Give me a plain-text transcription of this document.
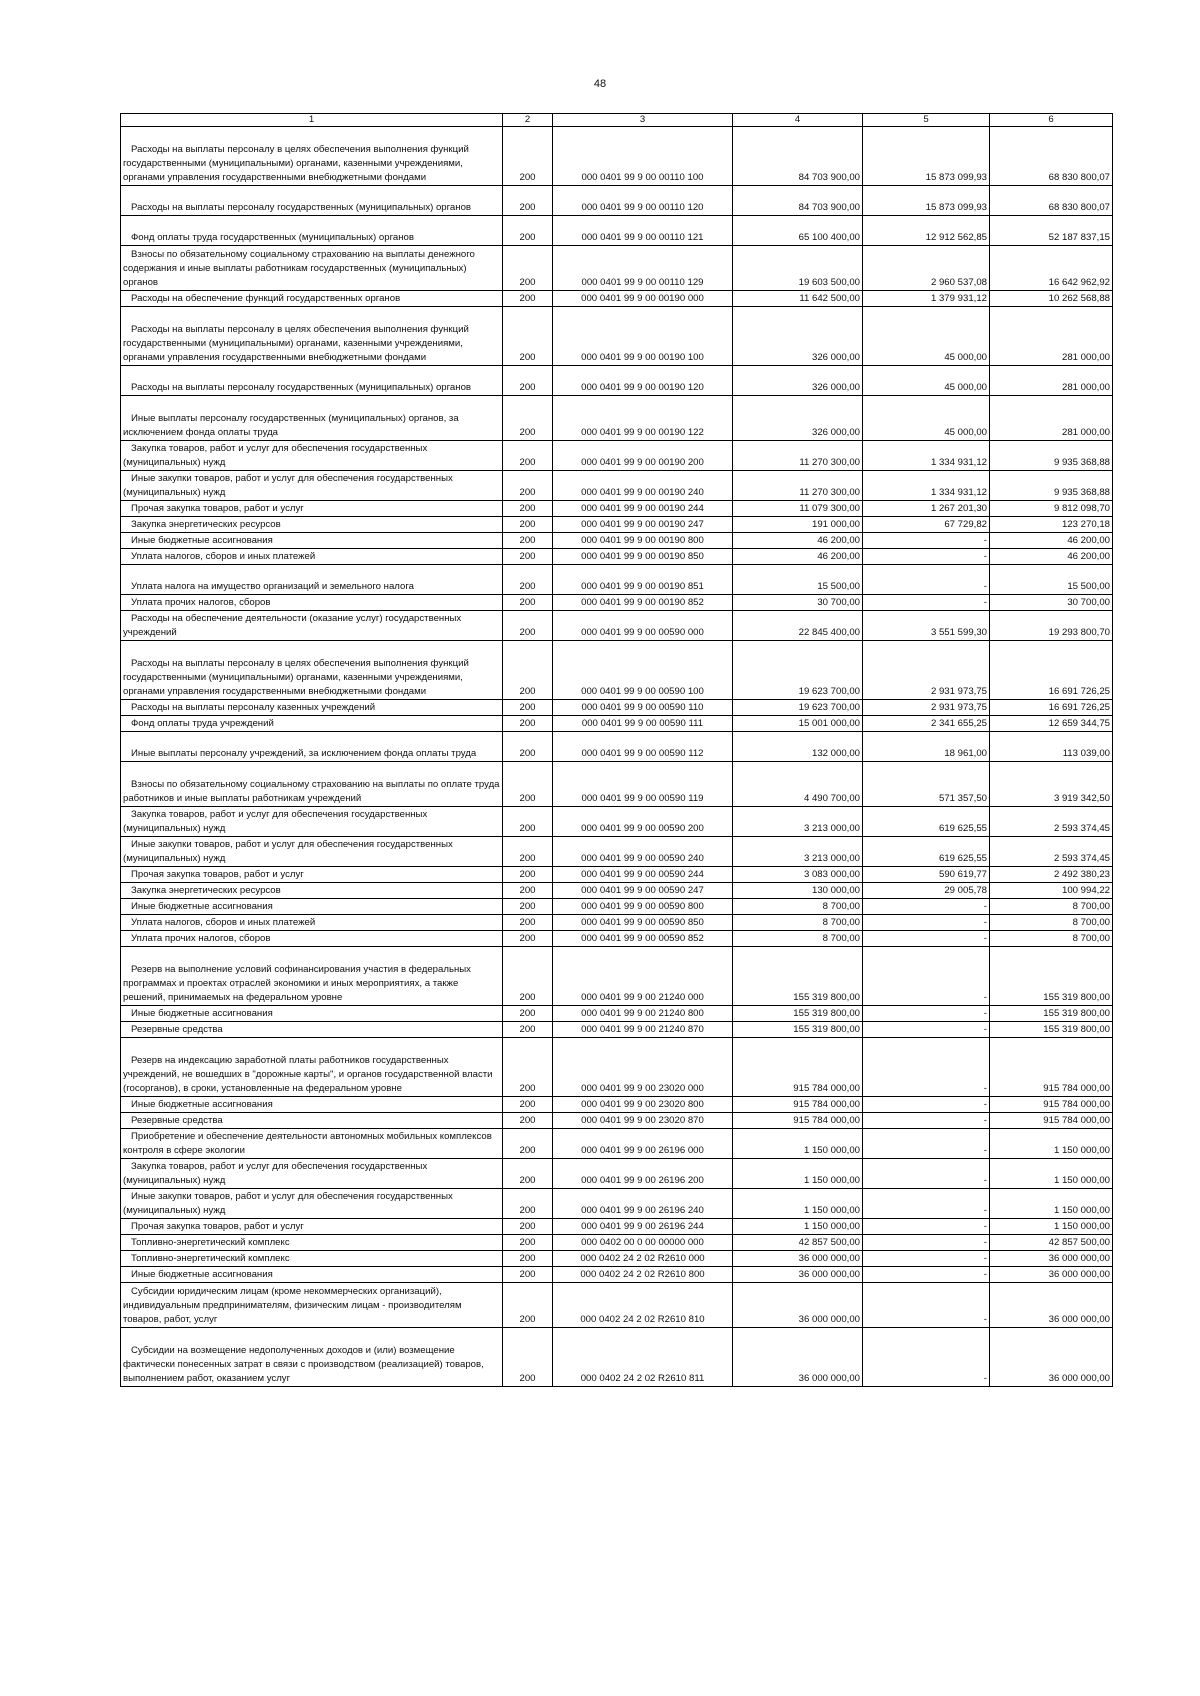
48
1	2	3	4	5	6

Расходы на выплаты персоналу в целях обеспечения выполнения функций государственными (муниципальными) органами, казенными учреждениями, органами управления государственными внебюджетными фондами	200	000 0401 99 9 00 00110 100	84 703 900,00	15 873 099,93	68 830 800,07

Расходы на выплаты персоналу государственных (муниципальных) органов	200	000 0401 99 9 00 00110 120	84 703 900,00	15 873 099,93	68 830 800,07

Фонд оплаты труда государственных (муниципальных) органов	200	000 0401 99 9 00 00110 121	65 100 400,00	12 912 562,85	52 187 837,15

Взносы по обязательному социальному страхованию на выплаты денежного содержания и иные выплаты работникам государственных (муниципальных) органов	200	000 0401 99 9 00 00110 129	19 603 500,00	2 960 537,08	16 642 962,92

Расходы на обеспечение функций государственных органов	200	000 0401 99 9 00 00190 000	11 642 500,00	1 379 931,12	10 262 568,88

Расходы на выплаты персоналу в целях обеспечения выполнения функций государственными (муниципальными) органами, казенными учреждениями, органами управления государственными внебюджетными фондами	200	000 0401 99 9 00 00190 100	326 000,00	45 000,00	281 000,00

Расходы на выплаты персоналу государственных (муниципальных) органов	200	000 0401 99 9 00 00190 120	326 000,00	45 000,00	281 000,00

Иные выплаты персоналу государственных (муниципальных) органов, за исключением фонда оплаты труда	200	000 0401 99 9 00 00190 122	326 000,00	45 000,00	281 000,00

Закупка товаров, работ и услуг для обеспечения государственных (муниципальных) нужд	200	000 0401 99 9 00 00190 200	11 270 300,00	1 334 931,12	9 935 368,88

Иные закупки товаров, работ и услуг для обеспечения государственных (муниципальных) нужд	200	000 0401 99 9 00 00190 240	11 270 300,00	1 334 931,12	9 935 368,88

Прочая закупка товаров, работ и услуг	200	000 0401 99 9 00 00190 244	11 079 300,00	1 267 201,30	9 812 098,70

Закупка энергетических ресурсов	200	000 0401 99 9 00 00190 247	191 000,00	67 729,82	123 270,18

Иные бюджетные ассигнования	200	000 0401 99 9 00 00190 800	46 200,00	-	46 200,00

Уплата налогов, сборов и иных платежей	200	000 0401 99 9 00 00190 850	46 200,00	-	46 200,00

Уплата налога на имущество организаций и земельного налога	200	000 0401 99 9 00 00190 851	15 500,00	-	15 500,00

Уплата прочих налогов, сборов	200	000 0401 99 9 00 00190 852	30 700,00	-	30 700,00

Расходы на обеспечение деятельности (оказание услуг) государственных учреждений	200	000 0401 99 9 00 00590 000	22 845 400,00	3 551 599,30	19 293 800,70

Расходы на выплаты персоналу в целях обеспечения выполнения функций государственными (муниципальными) органами, казенными учреждениями, органами управления государственными внебюджетными фондами	200	000 0401 99 9 00 00590 100	19 623 700,00	2 931 973,75	16 691 726,25

Расходы на выплаты персоналу казенных учреждений	200	000 0401 99 9 00 00590 110	19 623 700,00	2 931 973,75	16 691 726,25

Фонд оплаты труда учреждений	200	000 0401 99 9 00 00590 111	15 001 000,00	2 341 655,25	12 659 344,75

Иные выплаты персоналу учреждений, за исключением фонда оплаты труда	200	000 0401 99 9 00 00590 112	132 000,00	18 961,00	113 039,00

Взносы по обязательному социальному страхованию на выплаты по оплате труда работников и иные выплаты работникам учреждений	200	000 0401 99 9 00 00590 119	4 490 700,00	571 357,50	3 919 342,50

Закупка товаров, работ и услуг для обеспечения государственных (муниципальных) нужд	200	000 0401 99 9 00 00590 200	3 213 000,00	619 625,55	2 593 374,45

Иные закупки товаров, работ и услуг для обеспечения государственных (муниципальных) нужд	200	000 0401 99 9 00 00590 240	3 213 000,00	619 625,55	2 593 374,45

Прочая закупка товаров, работ и услуг	200	000 0401 99 9 00 00590 244	3 083 000,00	590 619,77	2 492 380,23

Закупка энергетических ресурсов	200	000 0401 99 9 00 00590 247	130 000,00	29 005,78	100 994,22

Иные бюджетные ассигнования	200	000 0401 99 9 00 00590 800	8 700,00	-	8 700,00

Уплата налогов, сборов и иных платежей	200	000 0401 99 9 00 00590 850	8 700,00	-	8 700,00

Уплата прочих налогов, сборов	200	000 0401 99 9 00 00590 852	8 700,00	-	8 700,00

Резерв на выполнение условий софинансирования участия в федеральных программах и проектах отраслей экономики и иных мероприятиях, а также решений, принимаемых на федеральном уровне	200	000 0401 99 9 00 21240 000	155 319 800,00	-	155 319 800,00

Иные бюджетные ассигнования	200	000 0401 99 9 00 21240 800	155 319 800,00	-	155 319 800,00

Резервные средства	200	000 0401 99 9 00 21240 870	155 319 800,00	-	155 319 800,00

Резерв на индексацию заработной платы работников государственных учреждений, не вошедших в "дорожные карты", и органов государственной власти (госорганов), в сроки, установленные на федеральном уровне	200	000 0401 99 9 00 23020 000	915 784 000,00	-	915 784 000,00

Иные бюджетные ассигнования	200	000 0401 99 9 00 23020 800	915 784 000,00	-	915 784 000,00

Резервные средства	200	000 0401 99 9 00 23020 870	915 784 000,00	-	915 784 000,00

Приобретение и обеспечение деятельности автономных мобильных комплексов контроля в сфере экологии	200	000 0401 99 9 00 26196 000	1 150 000,00	-	1 150 000,00

Закупка товаров, работ и услуг для обеспечения государственных (муниципальных) нужд	200	000 0401 99 9 00 26196 200	1 150 000,00	-	1 150 000,00

Иные закупки товаров, работ и услуг для обеспечения государственных (муниципальных) нужд	200	000 0401 99 9 00 26196 240	1 150 000,00	-	1 150 000,00

Прочая закупка товаров, работ и услуг	200	000 0401 99 9 00 26196 244	1 150 000,00	-	1 150 000,00

Топливно-энергетический комплекс	200	000 0402 00 0 00 00000 000	42 857 500,00	-	42 857 500,00

Топливно-энергетический комплекс	200	000 0402 24 2 02 R2610 000	36 000 000,00	-	36 000 000,00

Иные бюджетные ассигнования	200	000 0402 24 2 02 R2610 800	36 000 000,00	-	36 000 000,00

Субсидии юридическим лицам (кроме некоммерческих организаций), индивидуальным предпринимателям, физическим лицам - производителям товаров, работ, услуг	200	000 0402 24 2 02 R2610 810	36 000 000,00	-	36 000 000,00

Субсидии на возмещение недополученных доходов и (или) возмещение фактически понесенных затрат в связи с производством (реализацией) товаров, выполнением работ, оказанием услуг	200	000 0402 24 2 02 R2610 811	36 000 000,00	-	36 000 000,00
